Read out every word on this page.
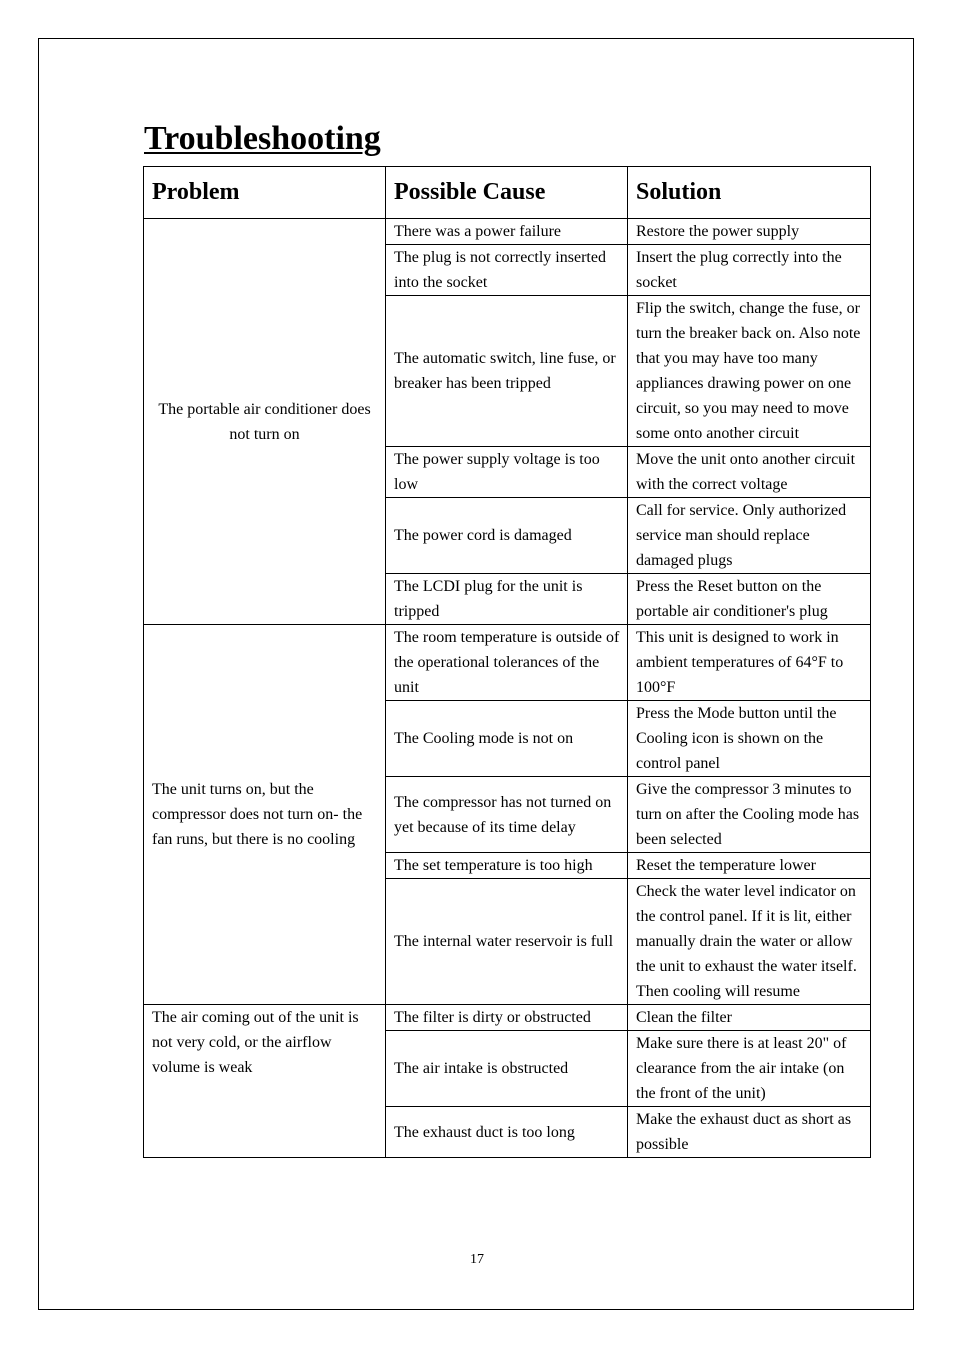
Troubleshooting
Problem	Possible Cause	Solution
The portable air conditioner does not turn on	There was a power failure	Restore the power supply
	The plug is not correctly inserted into the socket	Insert the plug correctly into the socket
	The automatic switch, line fuse, or breaker has been tripped	Flip the switch, change the fuse, or turn the breaker back on. Also note that you may have too many appliances drawing power on one circuit, so you may need to move some onto another circuit
	The power supply voltage is too low	Move the unit onto another circuit with the correct voltage
	The power cord is damaged	Call for service. Only authorized service man should replace damaged plugs
	The LCDI plug for the unit is tripped	Press the Reset button on the portable air conditioner's plug
The unit turns on, but the compressor does not turn on- the fan runs, but there is no cooling	The room temperature is outside of the operational tolerances of the unit	This unit is designed to work in ambient temperatures of 64°F to 100°F
	The Cooling mode is not on	Press the Mode button until the Cooling icon is shown on the control panel
	The compressor has not turned on yet because of its time delay	Give the compressor 3 minutes to turn on after the Cooling mode has been selected
	The set temperature is too high	Reset the temperature lower
	The internal water reservoir is full	Check the water level indicator on the control panel. If it is lit, either manually drain the water or allow the unit to exhaust the water itself. Then cooling will resume
The air coming out of the unit is not very cold, or the airflow volume is weak	The filter is dirty or obstructed	Clean the filter
	The air intake is obstructed	Make sure there is at least 20" of clearance from the air intake (on the front of the unit)
	The exhaust duct is too long	Make the exhaust duct as short as possible
17
